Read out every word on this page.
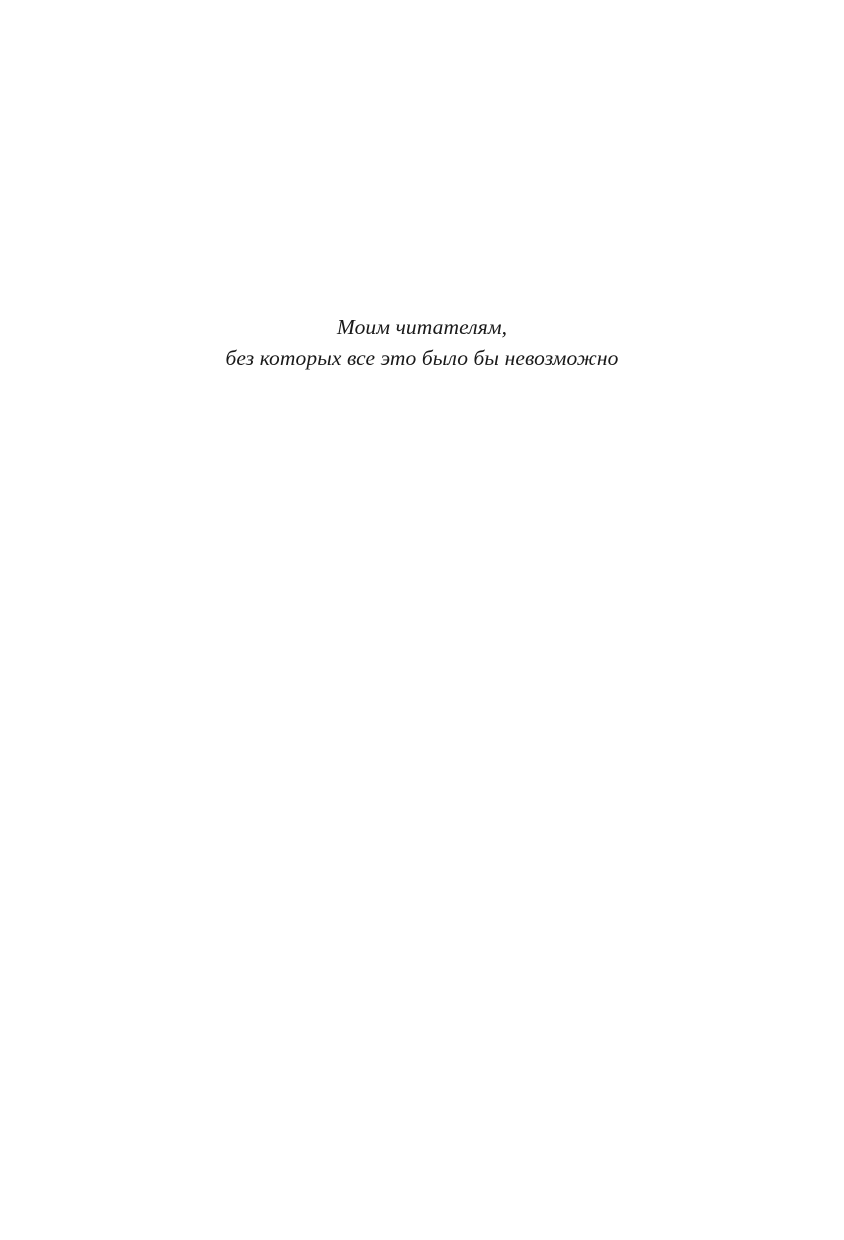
Моим читателям,
без которых все это было бы невозможно
